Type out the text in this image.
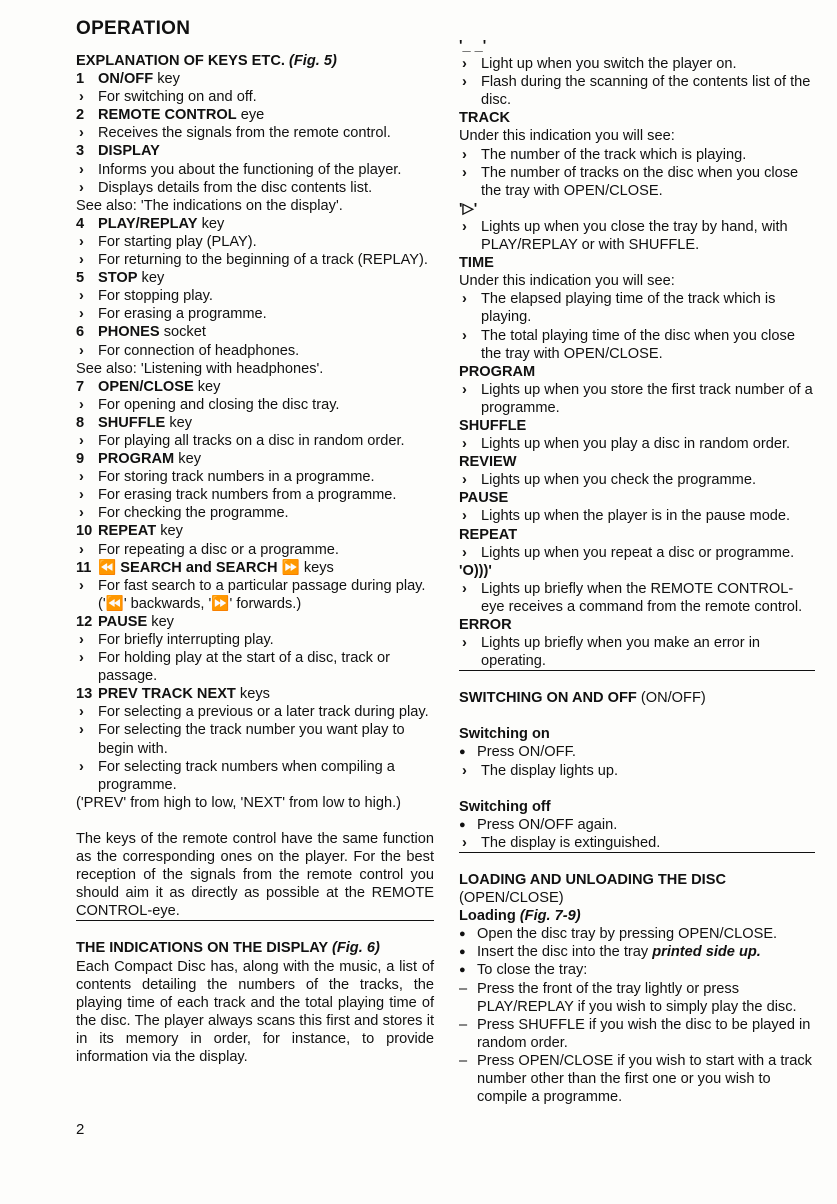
OPERATION
EXPLANATION OF KEYS ETC. (Fig. 5)
1 ON/OFF key
› For switching on and off.
2 REMOTE CONTROL eye
› Receives the signals from the remote control.
3 DISPLAY
› Informs you about the functioning of the player.
› Displays details from the disc contents list.
See also: 'The indications on the display'.
4 PLAY/REPLAY key
› For starting play (PLAY).
› For returning to the beginning of a track (REPLAY).
5 STOP key
› For stopping play.
› For erasing a programme.
6 PHONES socket
› For connection of headphones.
See also: 'Listening with headphones'.
7 OPEN/CLOSE key
› For opening and closing the disc tray.
8 SHUFFLE key
› For playing all tracks on a disc in random order.
9 PROGRAM key
› For storing track numbers in a programme.
› For erasing track numbers from a programme.
› For checking the programme.
10 REPEAT key
› For repeating a disc or a programme.
11 ⏪ SEARCH and SEARCH ⏩ keys
› For fast search to a particular passage during play. ('⏪' backwards, '⏩' forwards.)
12 PAUSE key
› For briefly interrupting play.
› For holding play at the start of a disc, track or passage.
13 PREV TRACK NEXT keys
› For selecting a previous or a later track during play.
› For selecting the track number you want play to begin with.
› For selecting track numbers when compiling a programme.
('PREV' from high to low, 'NEXT' from low to high.)
The keys of the remote control have the same function as the corresponding ones on the player. For the best reception of the signals from the remote control you should aim it as directly as possible at the REMOTE CONTROL-eye.
THE INDICATIONS ON THE DISPLAY (Fig. 6)
Each Compact Disc has, along with the music, a list of contents detailing the numbers of the tracks, the playing time of each track and the total playing time of the disc. The player always scans this first and stores it in its memory in order, for instance, to provide information via the display.
'_ _'
› Light up when you switch the player on.
› Flash during the scanning of the contents list of the disc.
TRACK
Under this indication you will see:
› The number of the track which is playing.
› The number of tracks on the disc when you close the tray with OPEN/CLOSE.
'▷'
› Lights up when you close the tray by hand, with PLAY/REPLAY or with SHUFFLE.
TIME
Under this indication you will see:
› The elapsed playing time of the track which is playing.
› The total playing time of the disc when you close the tray with OPEN/CLOSE.
PROGRAM
› Lights up when you store the first track number of a programme.
SHUFFLE
› Lights up when you play a disc in random order.
REVIEW
› Lights up when you check the programme.
PAUSE
› Lights up when the player is in the pause mode.
REPEAT
› Lights up when you repeat a disc or programme.
'O)))'
› Lights up briefly when the REMOTE CONTROL-eye receives a command from the remote control.
ERROR
› Lights up briefly when you make an error in operating.
SWITCHING ON AND OFF (ON/OFF)
Switching on
● Press ON/OFF.
› The display lights up.
Switching off
● Press ON/OFF again.
› The display is extinguished.
LOADING AND UNLOADING THE DISC
(OPEN/CLOSE)
Loading (Fig. 7-9)
● Open the disc tray by pressing OPEN/CLOSE.
● Insert the disc into the tray printed side up.
● To close the tray:
– Press the front of the tray lightly or press PLAY/REPLAY if you wish to simply play the disc.
– Press SHUFFLE if you wish the disc to be played in random order.
– Press OPEN/CLOSE if you wish to start with a track number other than the first one or you wish to compile a programme.
2
